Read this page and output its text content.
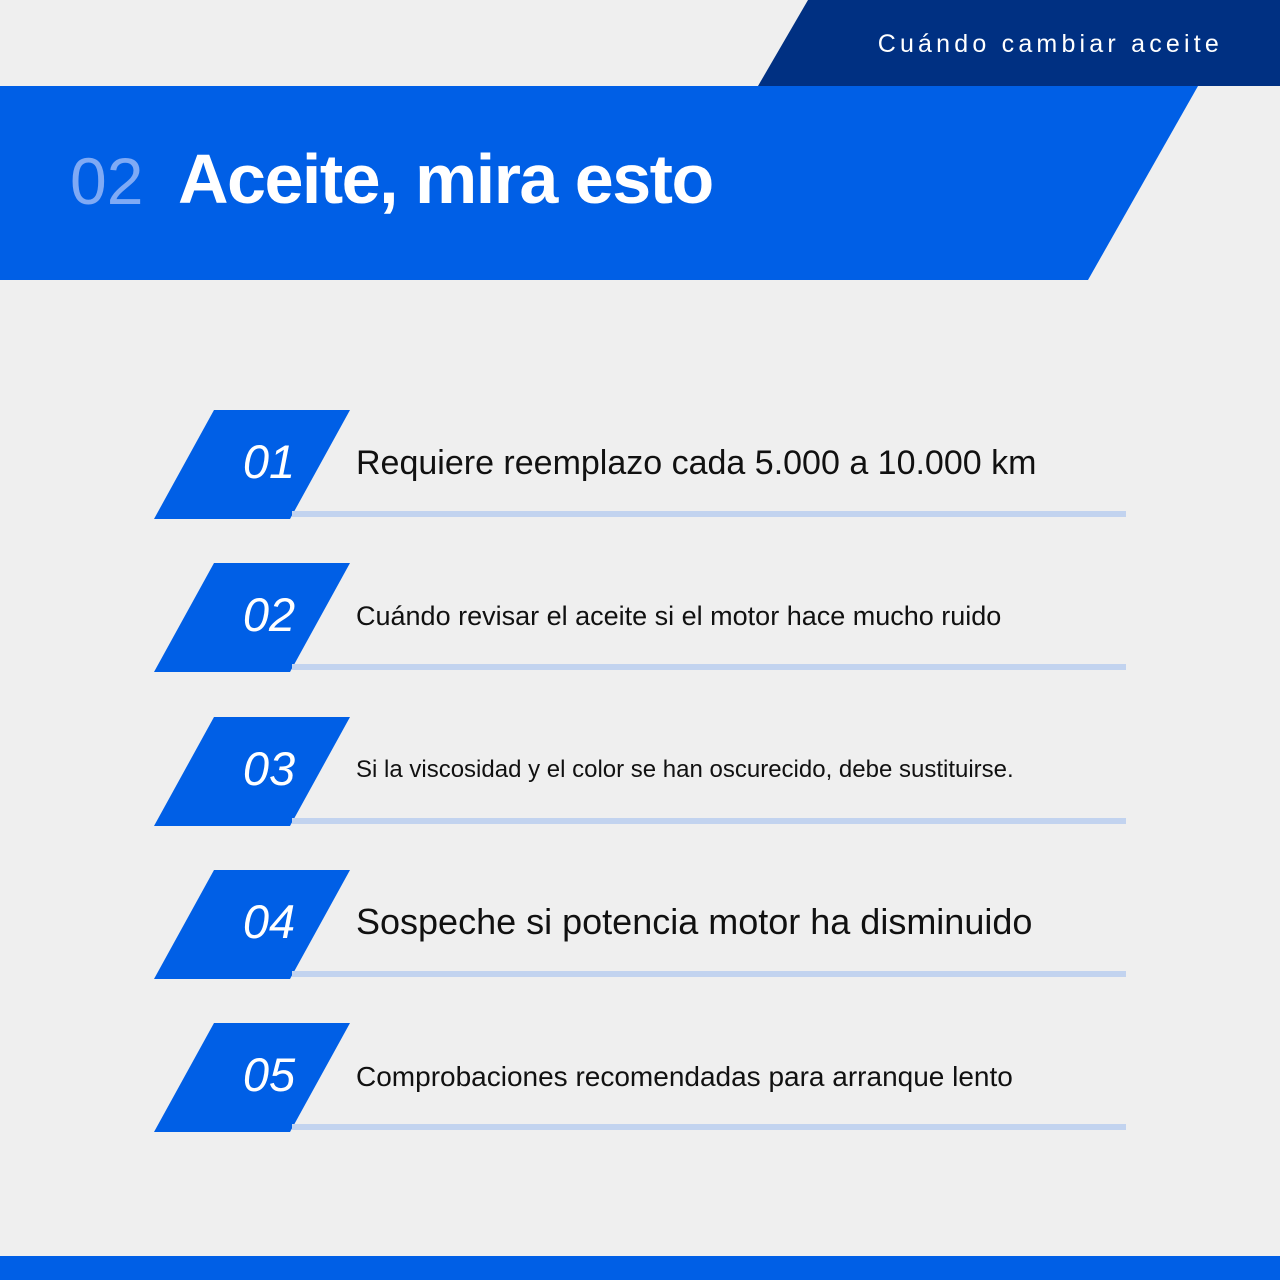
Cuándo cambiar aceite
02 Aceite, mira esto
01	Requiere reemplazo cada 5.000 a 10.000 km
02	Cuándo revisar el aceite si el motor hace mucho ruido
03	Si la viscosidad y el color se han oscurecido, debe sustituirse.
04	Sospeche si potencia motor ha disminuido
05	Comprobaciones recomendadas para arranque lento
